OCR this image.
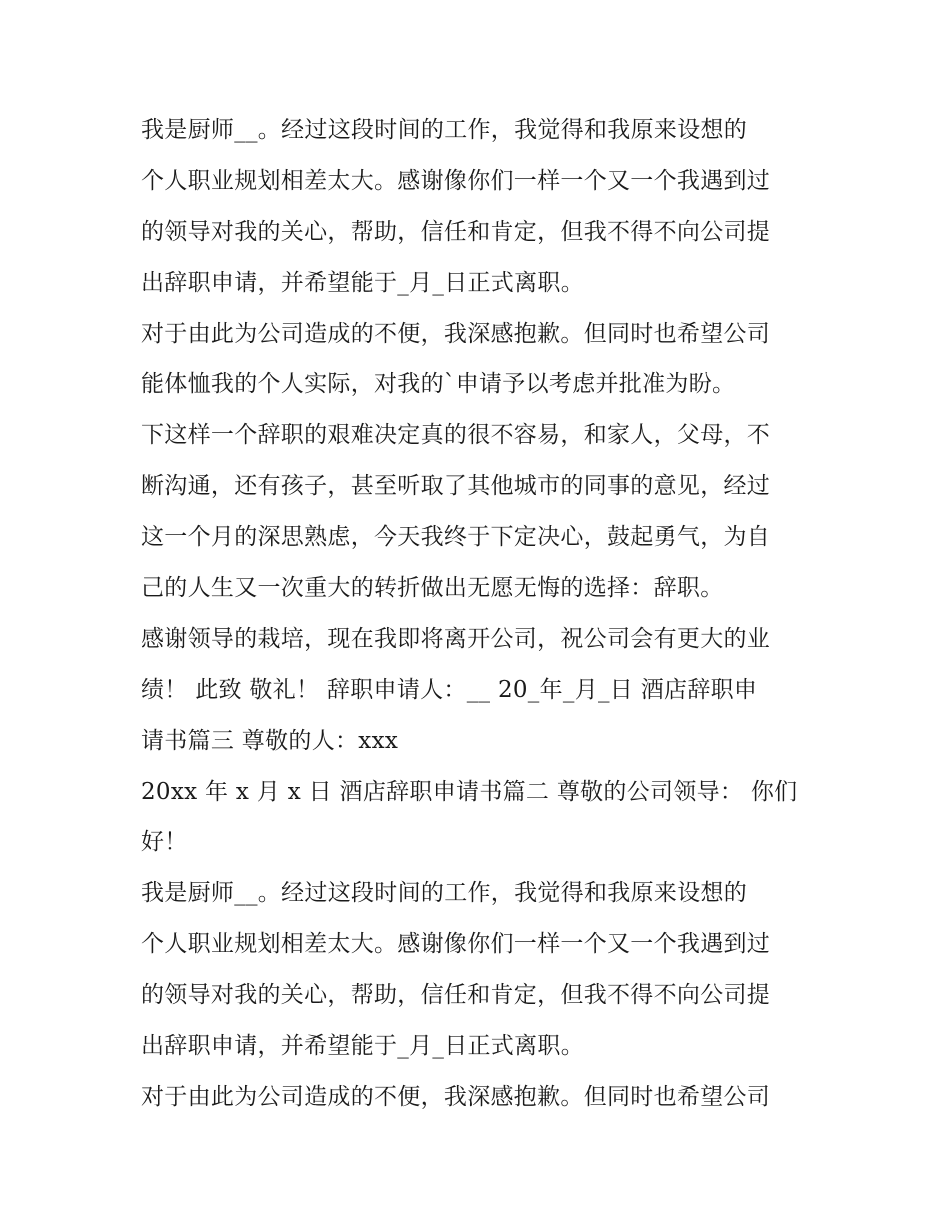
我是厨师__。经过这段时间的工作，我觉得和我原来设想的
个人职业规划相差太大。感谢像你们一样一个又一个我遇到过
的领导对我的关心，帮助，信任和肯定，但我不得不向公司提
出辞职申请，并希望能于_月_日正式离职。
对于由此为公司造成的不便，我深感抱歉。但同时也希望公司
能体恤我的个人实际，对我的`申请予以考虑并批准为盼。
下这样一个辞职的艰难决定真的很不容易，和家人，父母，不
断沟通，还有孩子，甚至听取了其他城市的同事的意见，经过
这一个月的深思熟虑，今天我终于下定决心，鼓起勇气，为自
己的人生又一次重大的转折做出无愿无悔的选择：辞职。
感谢领导的栽培，现在我即将离开公司，祝公司会有更大的业
绩！ 此致 敬礼！ 辞职申请人：__ 20_年_月_日 酒店辞职申
请书篇三 尊敬的人：xxx
20xx 年 x 月 x 日 酒店辞职申请书篇二 尊敬的公司领导： 你们
好！
我是厨师__。经过这段时间的工作，我觉得和我原来设想的
个人职业规划相差太大。感谢像你们一样一个又一个我遇到过
的领导对我的关心，帮助，信任和肯定，但我不得不向公司提
出辞职申请，并希望能于_月_日正式离职。
对于由此为公司造成的不便，我深感抱歉。但同时也希望公司
